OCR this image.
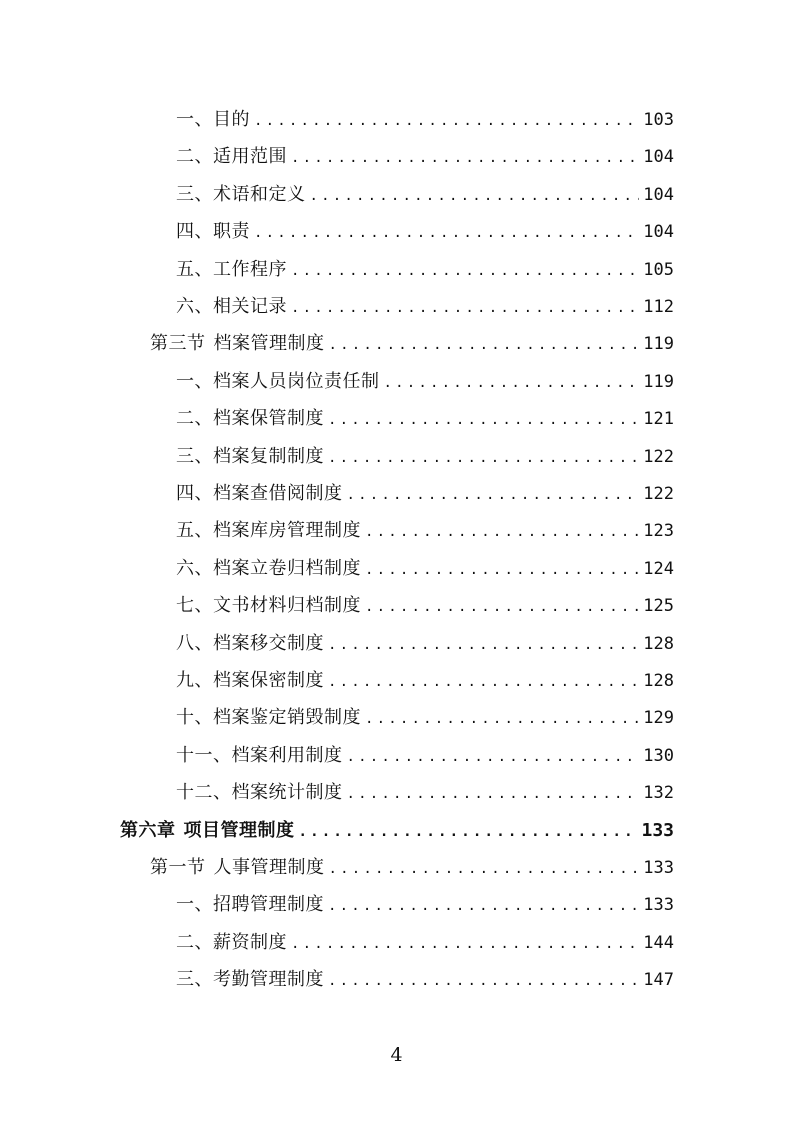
一、目的 .....	103
二、适用范围 .....	104
三、术语和定义 .....	104
四、职责 .....	104
五、工作程序 .....	105
六、相关记录 .....	112
第三节 档案管理制度 .....	119
一、档案人员岗位责任制 .....	119
二、档案保管制度 .....	121
三、档案复制制度 .....	122
四、档案查借阅制度 .....	122
五、档案库房管理制度 .....	123
六、档案立卷归档制度 .....	124
七、文书材料归档制度 .....	125
八、档案移交制度 .....	128
九、档案保密制度 .....	128
十、档案鉴定销毁制度 .....	129
十一、档案利用制度 .....	130
十二、档案统计制度 .....	132
第六章 项目管理制度 .....	133
第一节 人事管理制度 .....	133
一、招聘管理制度 .....	133
二、薪资制度 .....	144
三、考勤管理制度 .....	147
4
